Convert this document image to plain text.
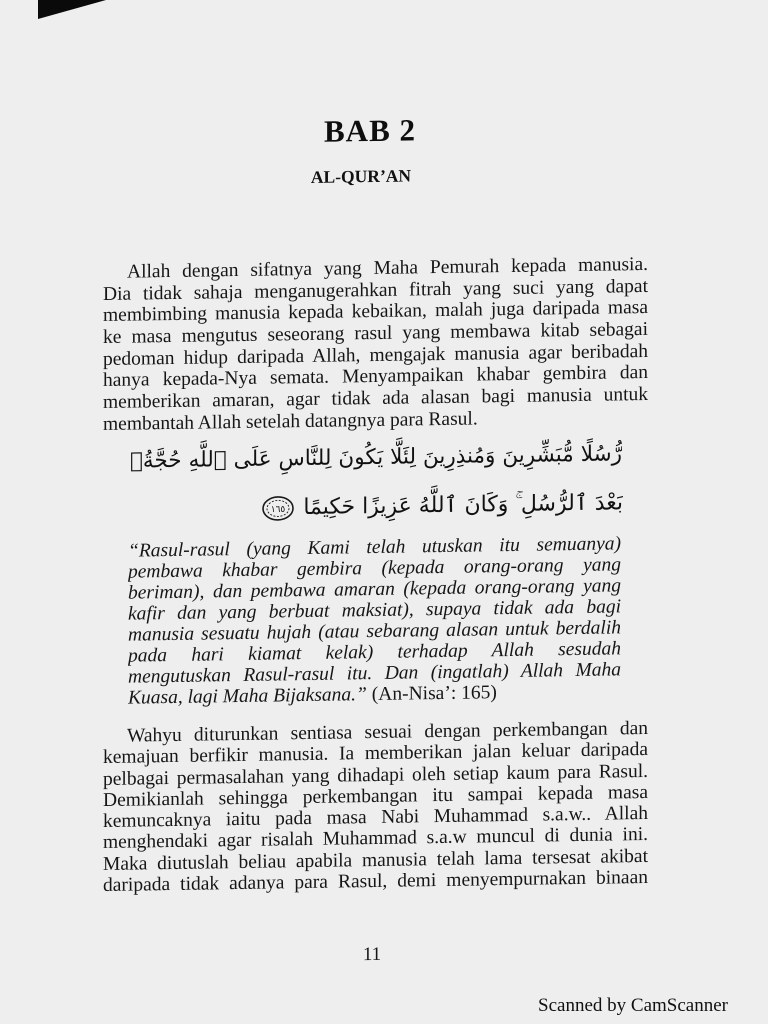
BAB 2
AL-QUR’AN
Allah dengan sifatnya yang Maha Pemurah kepada manusia.
Dia tidak sahaja menganugerahkan fitrah yang suci yang dapat
membimbing manusia kepada kebaikan, malah juga daripada masa
ke masa mengutus seseorang rasul yang membawa kitab sebagai
pedoman hidup daripada Allah, mengajak manusia agar beribadah
hanya kepada-Nya semata. Menyampaikan khabar gembira dan
memberikan amaran, agar tidak ada alasan bagi manusia untuk
membantah Allah setelah datangnya para Rasul.
رُّسُلًا مُّبَشِّرِينَ وَمُنذِرِينَ لِئَلَّا يَكُونَ لِلنَّاسِ عَلَى ٱللَّهِ حُجَّةُۢ
بَعْدَ ٱلرُّسُلِ ۚ وَكَانَ ٱللَّهُ عَزِيزًا حَكِيمًا
١٦٥
“Rasul-rasul (yang Kami telah utuskan itu semuanya)
pembawa khabar gembira (kepada orang-orang yang
beriman), dan pembawa amaran (kepada orang-orang yang
kafir dan yang berbuat maksiat), supaya tidak ada bagi
manusia sesuatu hujah (atau sebarang alasan untuk berdalih
pada hari kiamat kelak) terhadap Allah sesudah
mengutuskan Rasul-rasul itu. Dan (ingatlah) Allah Maha
Kuasa, lagi Maha Bijaksana.” (An-Nisa’: 165)
Wahyu diturunkan sentiasa sesuai dengan perkembangan dan
kemajuan berfikir manusia. Ia memberikan jalan keluar daripada
pelbagai permasalahan yang dihadapi oleh setiap kaum para Rasul.
Demikianlah sehingga perkembangan itu sampai kepada masa
kemuncaknya iaitu pada masa Nabi Muhammad s.a.w.. Allah
menghendaki agar risalah Muhammad s.a.w muncul di dunia ini.
Maka diutuslah beliau apabila manusia telah lama tersesat akibat
daripada tidak adanya para Rasul, demi menyempurnakan binaan
11
Scanned by CamScanner
